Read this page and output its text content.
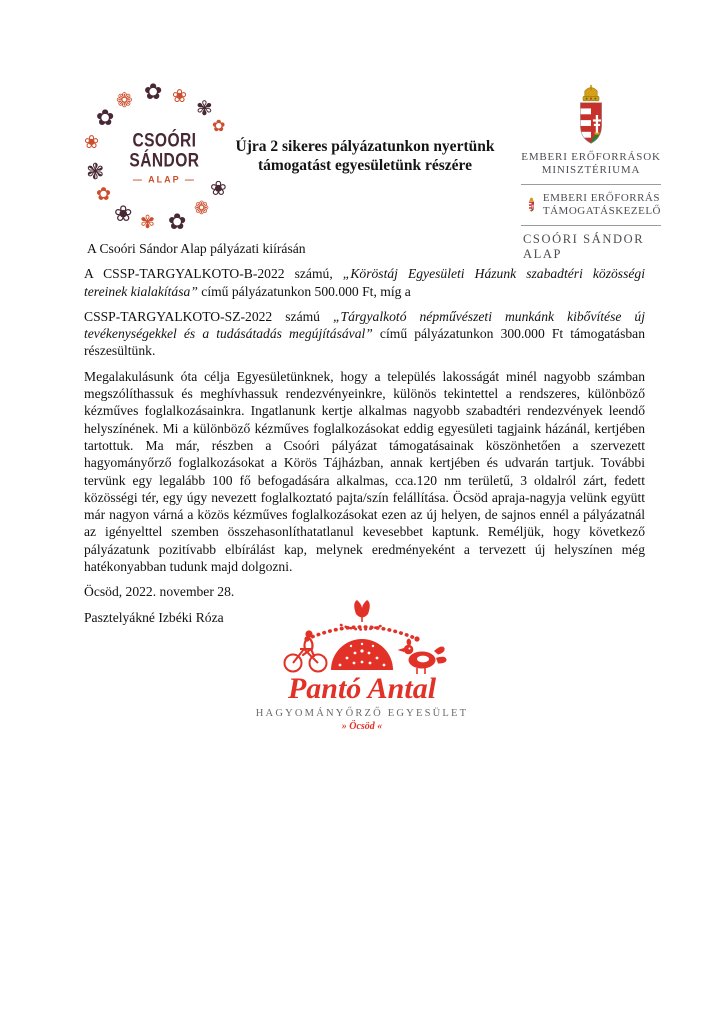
✿ ❀ ✾
✿
❁
✿
❀
❃
✿
❀ ✾ ✿
❁
❀
CSOÓRI
SÁNDOR
— ALAP —
Újra 2 sikeres pályázatunkon nyertünk
támogatást egyesületünk részére	EMBERI ERŐFORRÁSOK
MINISZTÉRIUMA
EMBERI ERŐFORRÁS
TÁMOGATÁSKEZELŐ
CSOÓRI SÁNDOR ALAP

A Csoóri Sándor Alap pályázati kiírásán

A CSSP-TARGYALKOTO-B-2022 számú, „Köröstáj Egyesületi Házunk szabadtéri közösségi tereinek kialakítása” című pályázatunkon 500.000 Ft, míg a

CSSP-TARGYALKOTO-SZ-2022 számú „Tárgyalkotó népművészeti munkánk kibővítése új tevékenységekkel és a tudásátadás megújításával” című pályázatunkon 300.000 Ft támogatásban részesültünk.

Megalakulásunk óta célja Egyesületünknek, hogy a település lakosságát minél nagyobb számban megszólíthassuk és meghívhassuk rendezvényeinkre, különös tekintettel a rendszeres, különböző kézműves foglalkozásainkra. Ingatlanunk kertje alkalmas nagyobb szabadtéri rendezvények leendő helyszínének. Mi a különböző kézműves foglalkozásokat eddig egyesületi tagjaink házánál, kertjében tartottuk. Ma már, részben a Csoóri pályázat támogatásainak köszönhetően a szervezett hagyományőrző foglalkozásokat a Körös Tájházban, annak kertjében és udvarán tartjuk. További tervünk egy legalább 100 fő befogadására alkalmas, cca.120 nm területű, 3 oldalról zárt, fedett közösségi tér, egy úgy nevezett foglalkoztató pajta/szín felállítása. Öcsöd apraja-nagyja velünk együtt már nagyon várná a közös kézműves foglalkozásokat ezen az új helyen, de sajnos ennél a pályázatnál az igényelttel szemben összehasonlíthatatlanul kevesebbet kaptunk. Reméljük, hogy következő pályázatunk pozitívabb elbírálást kap, melynek eredményeként a tervezett új helyszínen még hatékonyabban tudunk majd dolgozni.

Öcsöd, 2022. november 28.

Pasztelyákné Izbéki Róza

Pantó Antal
HAGYOMÁNYŐRZŐ EGYESÜLET
» Öcsöd «
